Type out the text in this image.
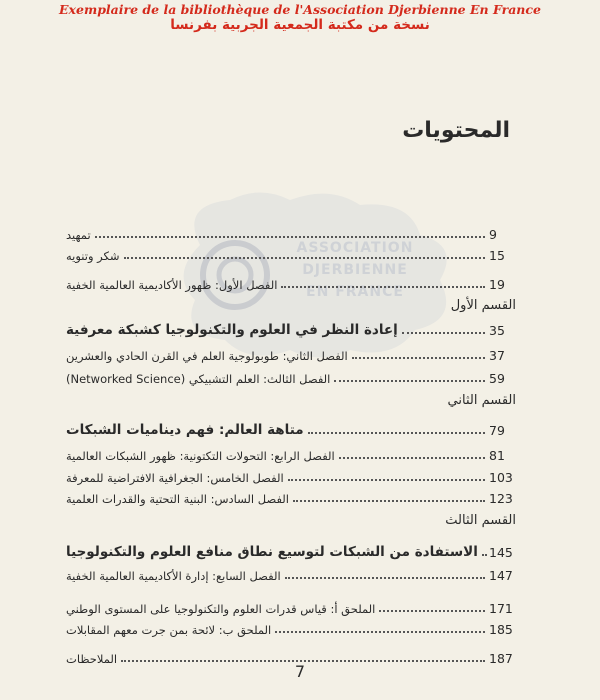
Exemplaire de la bibliothèque de l'Association Djerbienne En France
نسخة من مكتبة الجمعية الجربية بفرنسا
ASSOCIATION
DJERBIENNE
EN FRANCE
المحتويات
تمهيد	9
شكر وتنويه	15
الفصل الأول: ظهور الأكاديمية العالمية الخفية	19
القسم الأول
إعادة النظر في العلوم والتكنولوجيا كشبكة معرفية	35
الفصل الثاني: طوبولوجية العلم في القرن الحادي والعشرين	37
الفصل الثالث: العلم التشبيكي (Networked Science)	59
القسم الثاني
متاهة العالم: فهم ديناميات الشبكات	79
الفصل الرابع: التحولات التكتونية: ظهور الشبكات العالمية	81
الفصل الخامس: الجغرافية الافتراضية للمعرفة	103
الفصل السادس: البنية التحتية والقدرات العلمية	123
القسم الثالث
الاستفادة من الشبكات لتوسيع نطاق منافع العلوم والتكنولوجيا 145
الفصل السابع: إدارة الأكاديمية العالمية الخفية	147
الملحق أ: قياس قدرات العلوم والتكنولوجيا على المستوى الوطني	171
الملحق ب: لائحة بمن جرت معهم المقابلات	185
الملاحظات	187
7
